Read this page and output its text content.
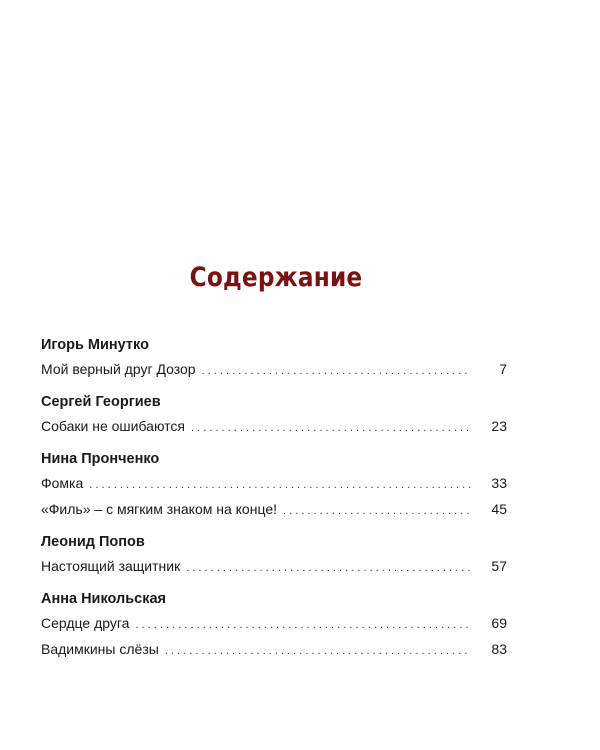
Содержание
Игорь Минутко
Мой верный друг Дозор . . .	7
Сергей Георгиев
Собаки не ошибаются . . .	23
Нина Пронченко
Фомка . . .	33
«Филь» – с мягким знаком на конце! . . .	45
Леонид Попов
Настоящий защитник . . .	57
Анна Никольская
Сердце друга . . .	69
Вадимкины слёзы . . .	83
